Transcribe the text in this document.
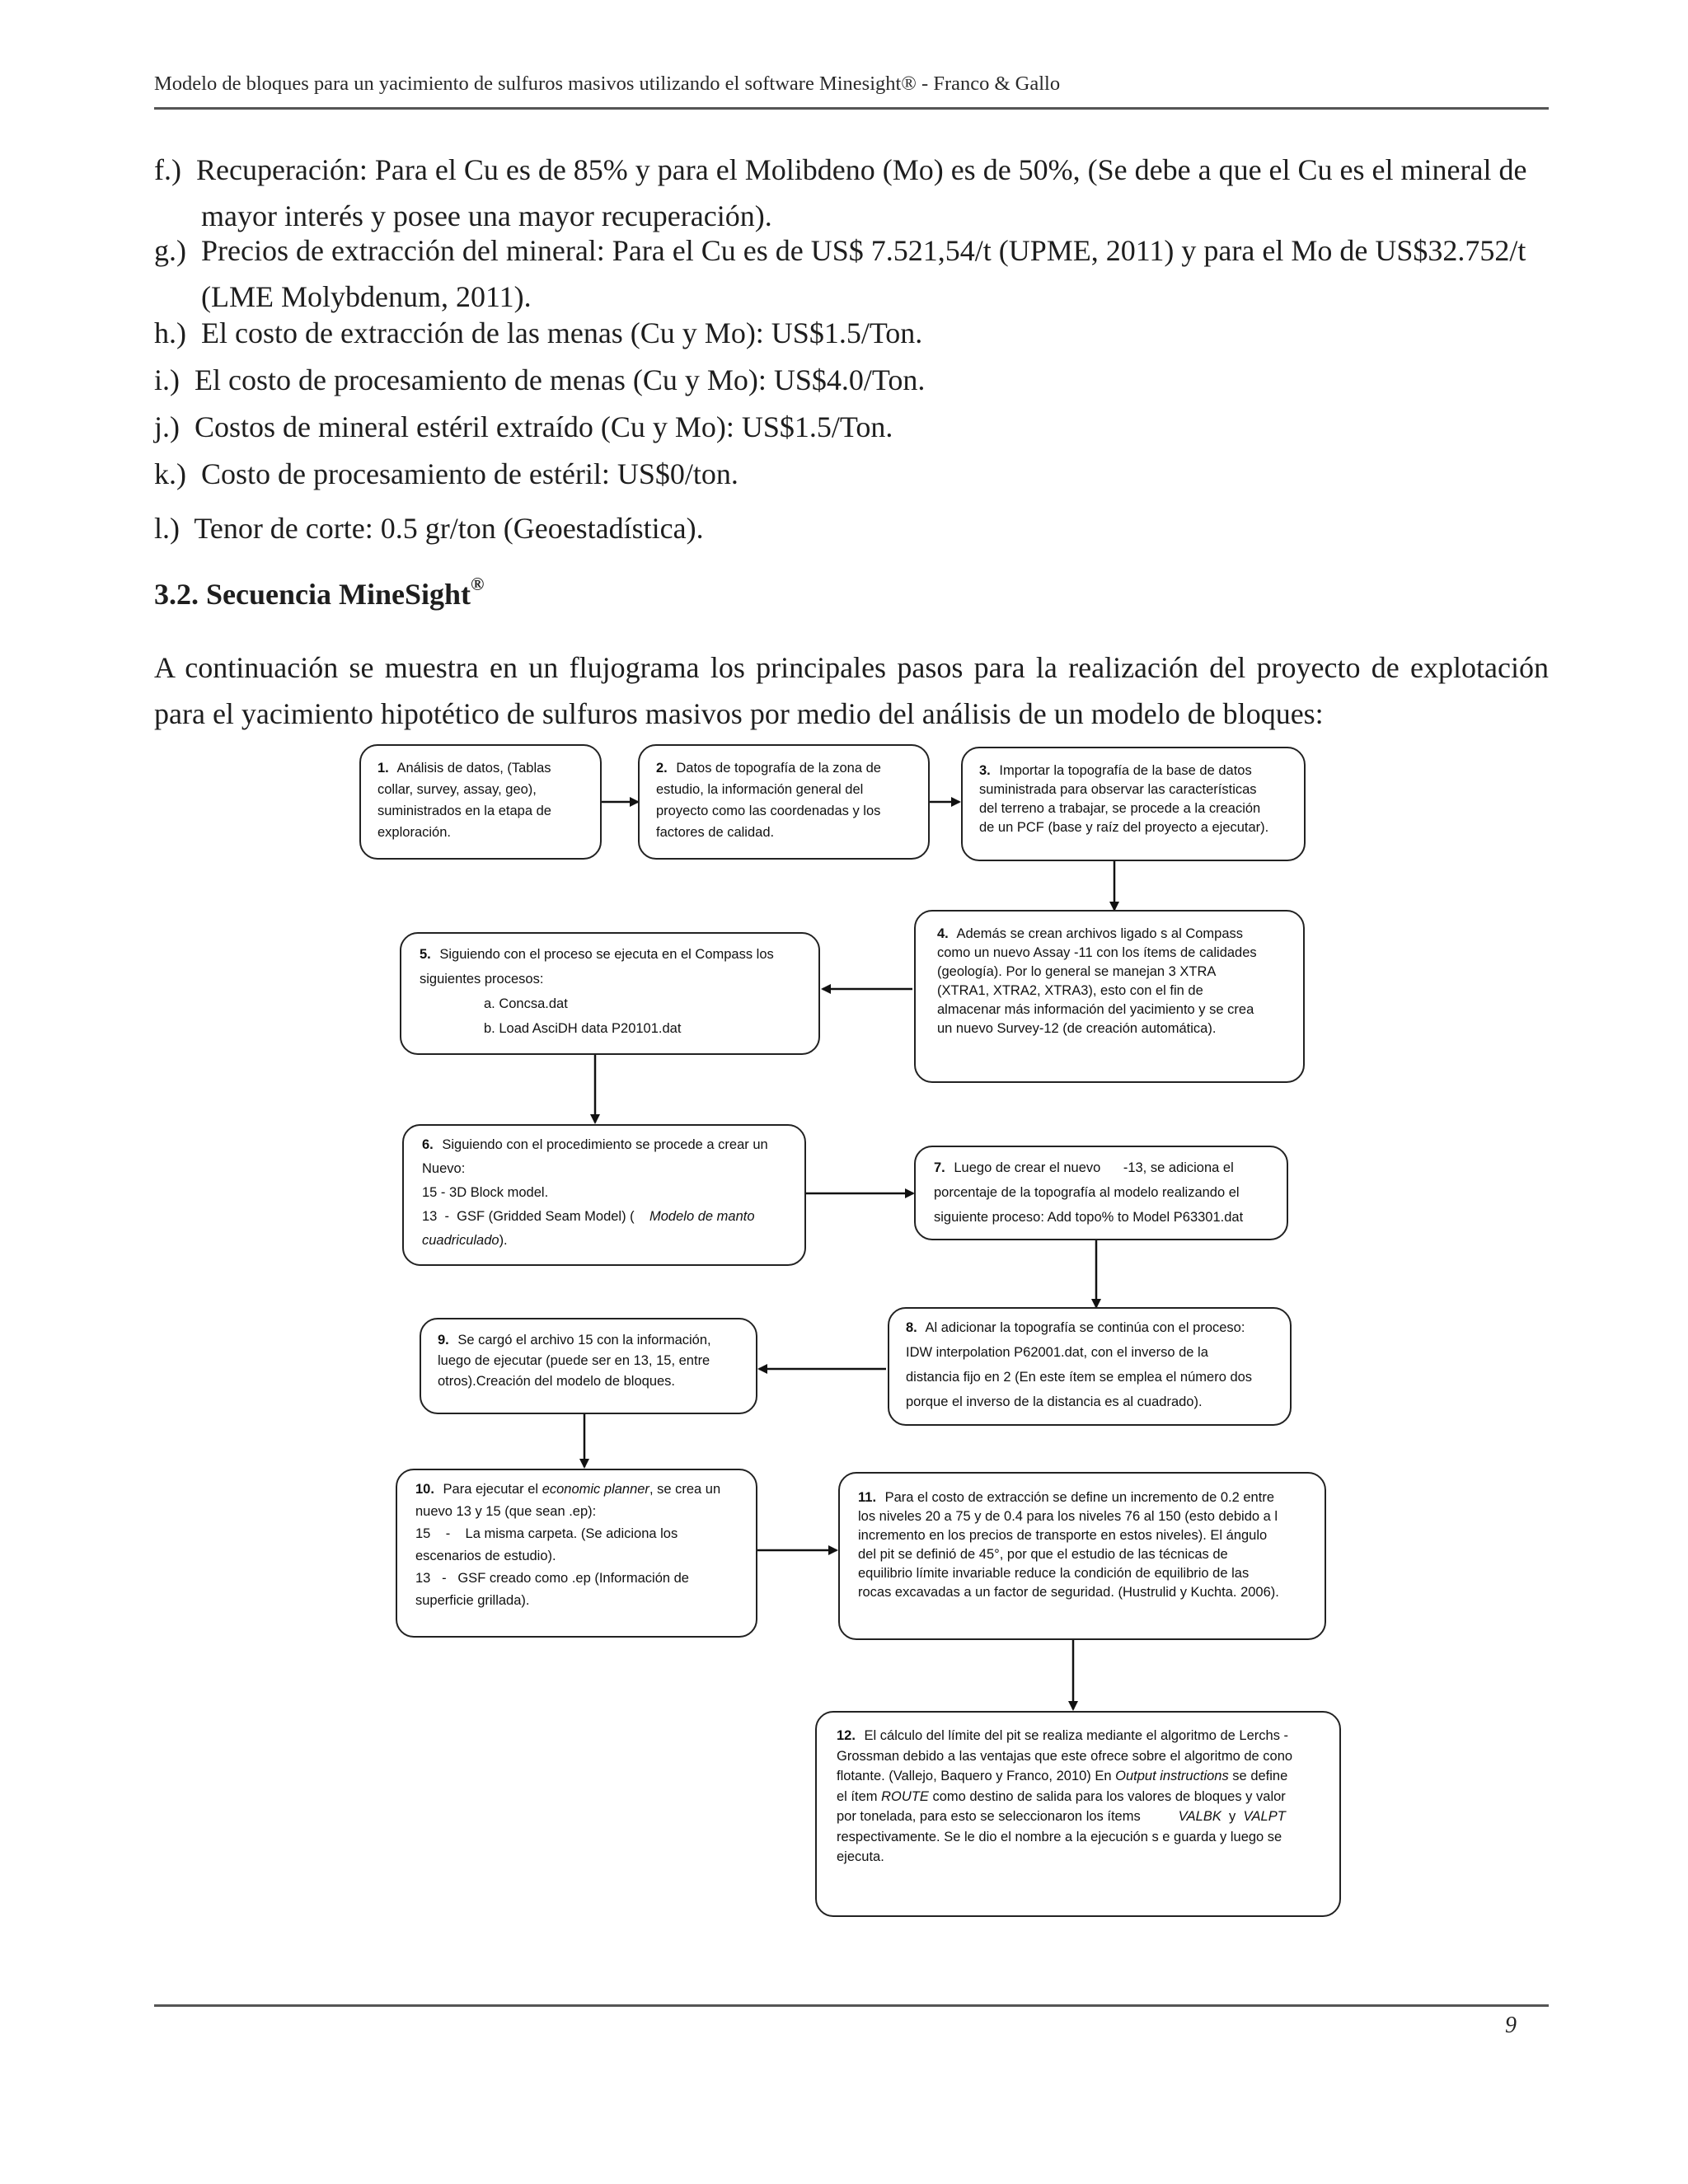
Modelo de bloques para un yacimiento de sulfuros masivos utilizando el software Minesight® - Franco & Gallo
f.) Recuperación: Para el Cu es de 85% y para el Molibdeno (Mo) es de 50%, (Se debe a que el Cu es el mineral de
mayor interés y posee una mayor recuperación).
g.) Precios de extracción del mineral: Para el Cu es de US$ 7.521,54/t (UPME, 2011) y para el Mo de US$32.752/t
(LME Molybdenum, 2011).
h.) El costo de extracción de las menas (Cu y Mo): US$1.5/Ton.
i.) El costo de procesamiento de menas (Cu y Mo): US$4.0/Ton.
j.) Costos de mineral estéril extraído (Cu y Mo): US$1.5/Ton.
k.) Costo de procesamiento de estéril: US$0/ton.
l.) Tenor de corte: 0.5 gr/ton (Geoestadística).
3.2. Secuencia MineSight®
A continuación se muestra en un flujograma los principales pasos para la realización del proyecto de explotación para el yacimiento hipotético de sulfuros masivos por medio del análisis de un modelo de bloques:
1. Análisis de datos, (Tablas
collar, survey, assay, geo),
suministrados en la etapa de
exploración.
2. Datos de topografía de la zona de
estudio, la información general del
proyecto como las coordenadas y los
factores de calidad.
3. Importar la topografía de la base de datos
suministrada para observar las características
del terreno a trabajar, se procede a la creación
de un PCF (base y raíz del proyecto a ejecutar).
4. Además se crean archivos ligado s al Compass
como un nuevo Assay -11 con los ítems de calidades
(geología). Por lo general se manejan 3 XTRA
(XTRA1, XTRA2, XTRA3), esto con el fin de
almacenar más información del yacimiento y se crea
un nuevo Survey-12 (de creación automática).
5. Siguiendo con el proceso se ejecuta en el Compass los
siguientes procesos:
a. Concsa.dat
b. Load AsciDH data P20101.dat
6. Siguiendo con el procedimiento se procede a crear un
Nuevo:
15 - 3D Block model.
13  -  GSF (Gridded Seam Model) (    Modelo de manto
cuadriculado).
7. Luego de crear el nuevo      -13, se adiciona el
porcentaje de la topografía al modelo realizando el
siguiente proceso: Add topo% to Model P63301.dat
8. Al adicionar la topografía se continúa con el proceso:
IDW interpolation P62001.dat, con el inverso de la
distancia fijo en 2 (En este ítem se emplea el número dos
porque el inverso de la distancia es al cuadrado).
9. Se cargó el archivo 15 con la información,
luego de ejecutar (puede ser en 13, 15, entre
otros).Creación del modelo de bloques.
10. Para ejecutar el economic planner, se crea un
nuevo 13 y 15 (que sean .ep):
15    -    La misma carpeta. (Se adiciona los
escenarios de estudio).
13   -   GSF creado como .ep (Información de
superficie grillada).
11. Para el costo de extracción se define un incremento de 0.2 entre
los niveles 20 a 75 y de 0.4 para los niveles 76 al 150 (esto debido a l
incremento en los precios de transporte en estos niveles). El ángulo
del pit se definió de 45°, por que el estudio de las técnicas de
equilibrio límite invariable reduce la condición de equilibrio de las
rocas excavadas a un factor de seguridad. (Hustrulid y Kuchta. 2006).
12. El cálculo del límite del pit se realiza mediante el algoritmo de Lerchs -
Grossman debido a las ventajas que este ofrece sobre el algoritmo de cono
flotante. (Vallejo, Baquero y Franco, 2010) En Output instructions se define
el ítem ROUTE como destino de salida para los valores de bloques y valor
por tonelada, para esto se seleccionaron los ítems          VALBK  y  VALPT
respectivamente. Se le dio el nombre a la ejecución s e guarda y luego se
ejecuta.
9
